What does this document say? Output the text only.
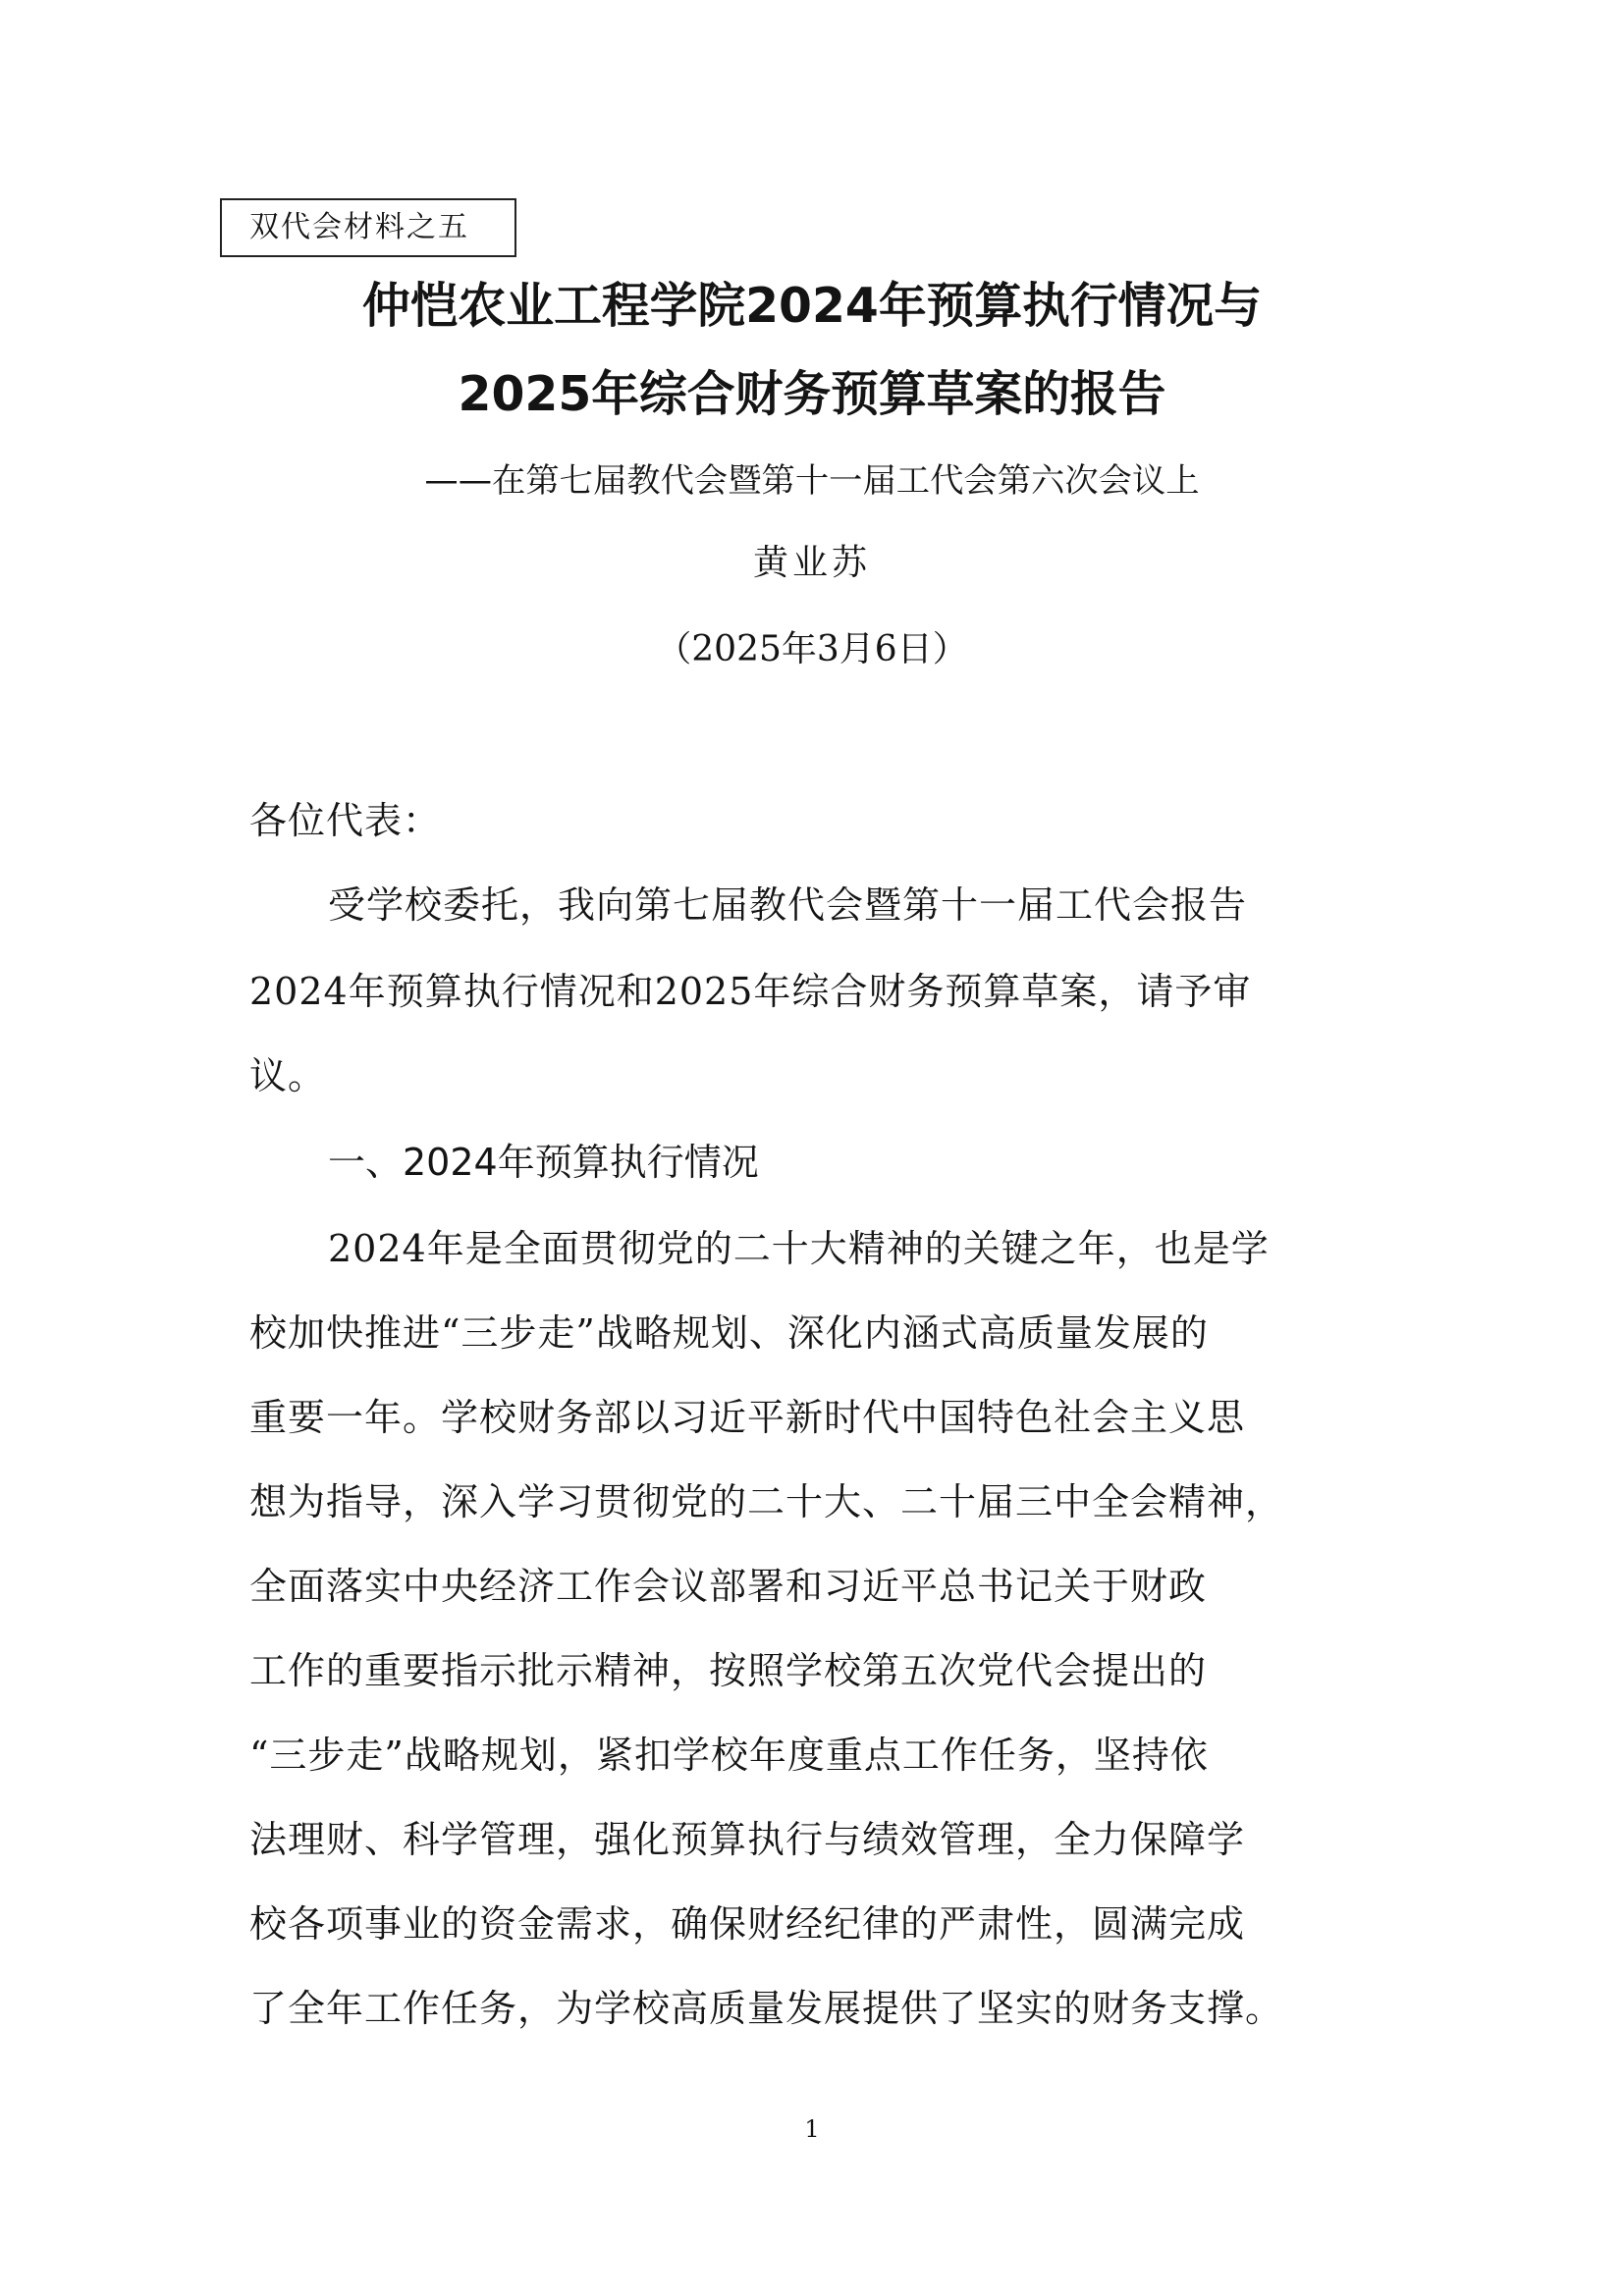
双代会材料之五
仲恺农业工程学院2024年预算执行情况与
2025年综合财务预算草案的报告
——在第七届教代会暨第十一届工代会第六次会议上
黄业苏
（2025年3月6日）
各位代表：
受学校委托，我向第七届教代会暨第十一届工代会报告
2024年预算执行情况和2025年综合财务预算草案，请予审
议。
一、2024年预算执行情况
2024年是全面贯彻党的二十大精神的关键之年，也是学
校加快推进“三步走”战略规划、深化内涵式高质量发展的
重要一年。学校财务部以习近平新时代中国特色社会主义思
想为指导，深入学习贯彻党的二十大、二十届三中全会精神，
全面落实中央经济工作会议部署和习近平总书记关于财政
工作的重要指示批示精神，按照学校第五次党代会提出的
“三步走”战略规划，紧扣学校年度重点工作任务，坚持依
法理财、科学管理，强化预算执行与绩效管理，全力保障学
校各项事业的资金需求，确保财经纪律的严肃性，圆满完成
了全年工作任务，为学校高质量发展提供了坚实的财务支撑。
1
